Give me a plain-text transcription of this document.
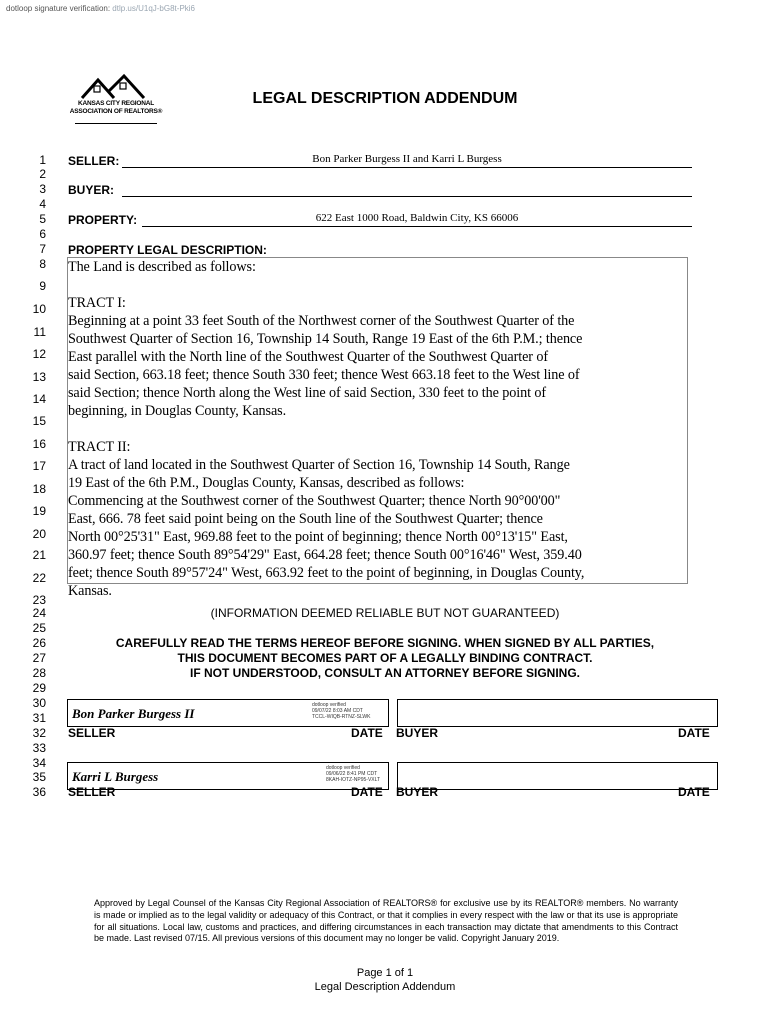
dotloop signature verification: dtlp.us/U1qJ-bG8t-Pki6
KANSAS CITY REGIONAL
ASSOCIATION OF REALTORS®
LEGAL DESCRIPTION ADDENDUM
1
2
3
4
5
6
7
8
9
10
11
12
13
14
15
16
17
18
19
20
21
22
23
24
25
26
27
28
29
30
31
32
33
34
35
36
SELLER:	Bon Parker Burgess II and Karri L Burgess
BUYER:
PROPERTY:	622 East 1000 Road, Baldwin City, KS 66006
PROPERTY LEGAL DESCRIPTION:
The Land is described as follows:

TRACT I:
Beginning at a point 33 feet South of the Northwest corner of the Southwest Quarter of the
Southwest Quarter of Section 16, Township 14 South, Range 19 East of the 6th P.M.; thence
East parallel with the North line of the Southwest Quarter of the Southwest Quarter of
said Section, 663.18 feet; thence South 330 feet; thence West 663.18 feet to the West line of
said Section; thence North along the West line of said Section, 330 feet to the point of
beginning, in Douglas County, Kansas.

TRACT II:
A tract of land located in the Southwest Quarter of Section 16, Township 14 South, Range
19 East of the 6th P.M., Douglas County, Kansas, described as follows:
Commencing at the Southwest corner of the Southwest Quarter; thence North 90°00'00"
East, 666. 78 feet said point being on the South line of the Southwest Quarter; thence
North 00°25'31" East, 969.88 feet to the point of beginning; thence North 00°13'15" East,
360.97 feet; thence South 89°54'29" East, 664.28 feet; thence South 00°16'46" West, 359.40
feet; thence South 89°57'24" West, 663.92 feet to the point of beginning, in Douglas County,
Kansas.
(INFORMATION DEEMED RELIABLE BUT NOT GUARANTEED)
CAREFULLY READ THE TERMS HEREOF BEFORE SIGNING. WHEN SIGNED BY ALL PARTIES,
THIS DOCUMENT BECOMES PART OF A LEGALLY BINDING CONTRACT.
IF NOT UNDERSTOOD, CONSULT AN ATTORNEY BEFORE SIGNING.
Bon Parker Burgess II
dotloop verified
09/07/22 8:03 AM CDT
TCCL-WIQB-RTNZ-SLWK
SELLER	DATE BUYER	DATE
Karri L Burgess
dotloop verified
09/06/22 8:41 PM CDT
8KAH-IOTZ-NP95-VXLT
SELLER	DATE BUYER	DATE
Approved by Legal Counsel of the Kansas City Regional Association of REALTORS® for exclusive use by its REALTOR® members. No warranty is made or implied as to the legal validity or adequacy of this Contract, or that it complies in every respect with the law or that its use is appropriate for all situations. Local law, customs and practices, and differing circumstances in each transaction may dictate that amendments to this Contract be made. Last revised 07/15. All previous versions of this document may no longer be valid. Copyright January 2019.
Page 1 of 1
Legal Description Addendum
